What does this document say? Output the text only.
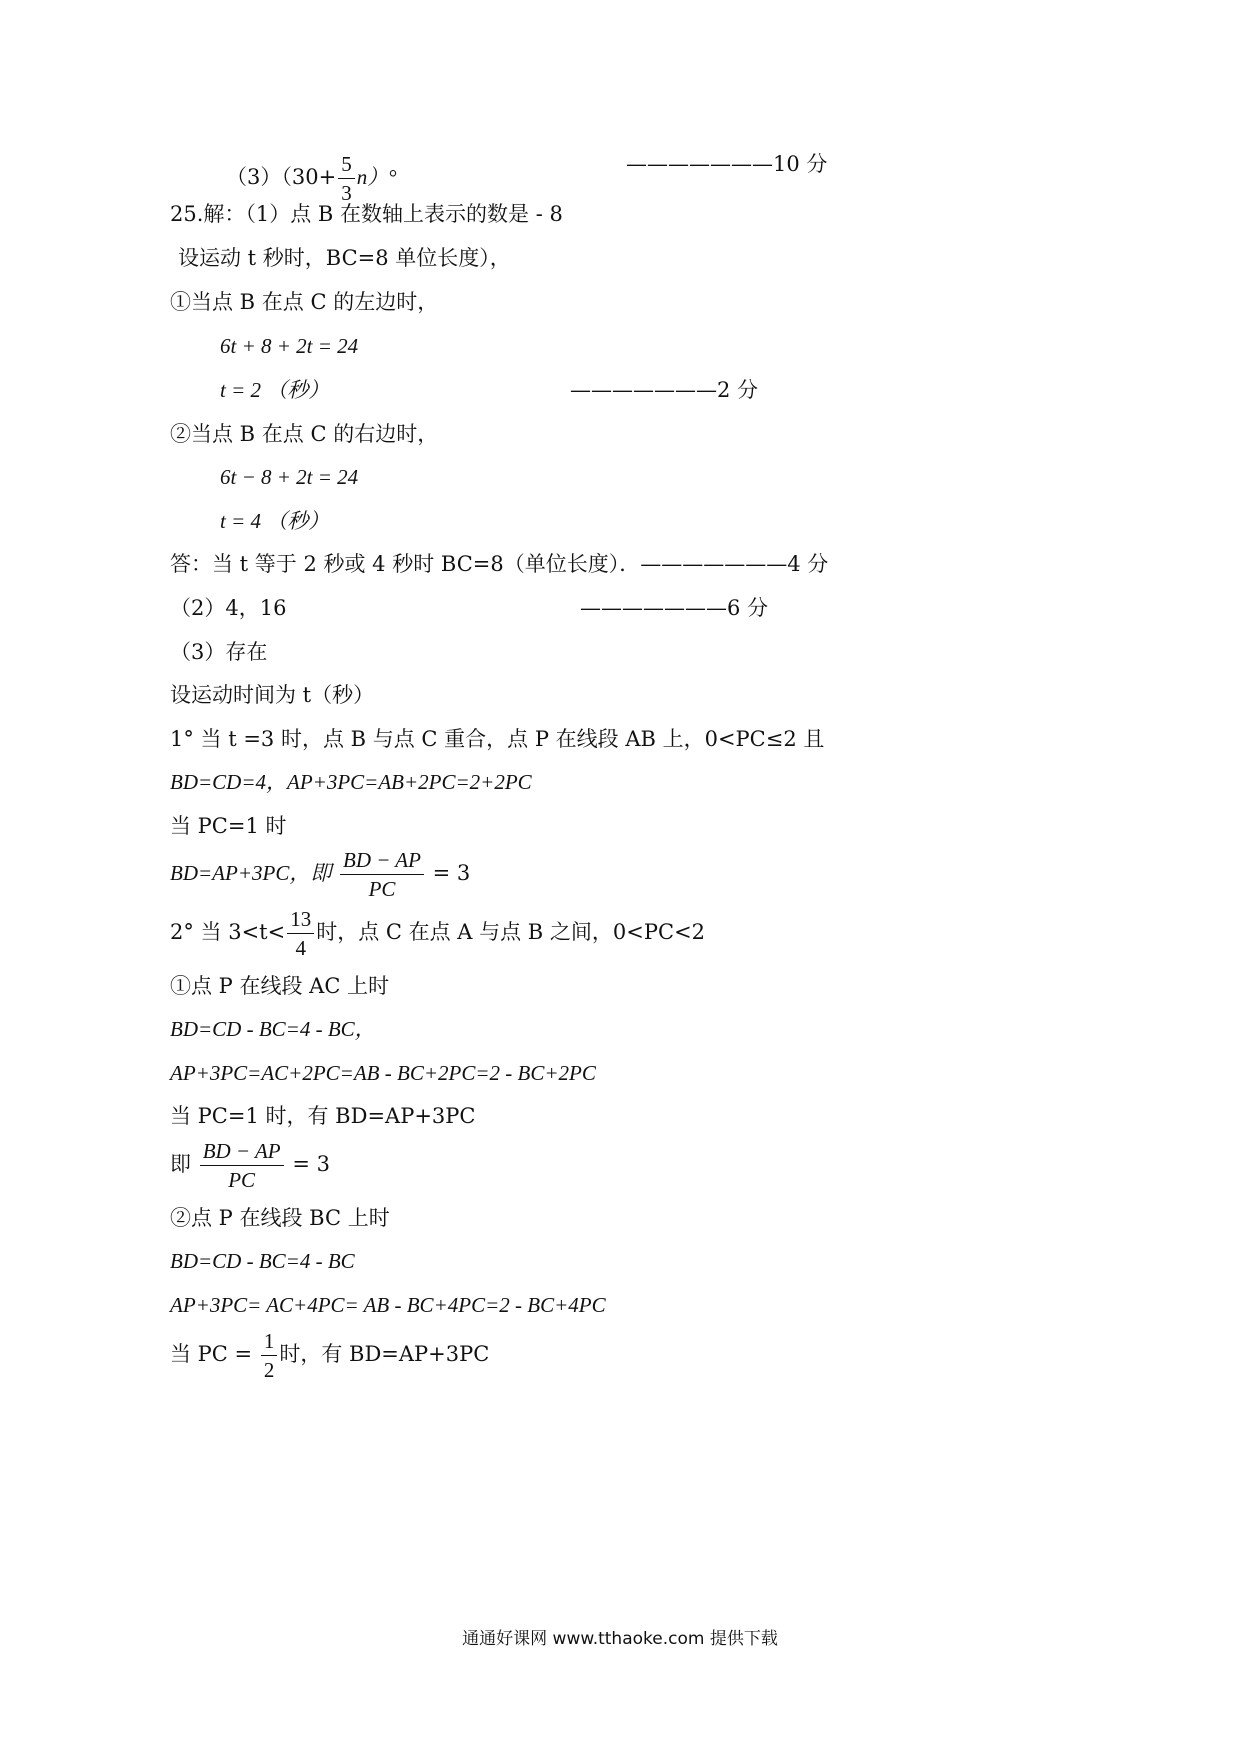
$(3)(30+ \frac{5}{3} n)^\circ$
———————10 分
25.解：（1）点 B 在数轴上表示的数是 ‑ 8
设运动 t 秒时，BC=8 单位长度），
①当点 B 在点 C 的左边时，
6t + 8 + 2t = 24
t = 2 （秒）	———————2 分
②当点 B 在点 C 的右边时，
6t − 8 + 2t = 24
t = 4 （秒）
答：当 t 等于 2 秒或 4 秒时 BC=8（单位长度）．———————4 分
（2）4，16	———————6 分
（3）存在
设运动时间为 t（秒）
1° 当 t =3 时，点 B 与点 C 重合，点 P 在线段 AB 上，0<PC≤2 且
BD=CD=4，AP+3PC=AB+2PC=2+2PC
当 PC=1 时
BD=AP+3PC，即 $\frac{BD - AP}{PC} = 3$
2° 当 $3<t< \frac{13}{4}$ 时，点 C 在点 A 与点 B 之间，0<PC<2
①点 P 在线段 AC 上时
BD=CD ‑ BC=4 ‑ BC，
AP+3PC=AC+2PC=AB ‑ BC+2PC=2 ‑ BC+2PC
当 PC=1 时，有 BD=AP+3PC
即 $\frac{BD - AP}{PC} = 3$
②点 P 在线段 BC 上时
BD=CD ‑ BC=4 ‑ BC
AP+3PC= AC+4PC= AB ‑ BC+4PC=2 ‑ BC+4PC
当 PC = $\frac{1}{2}$ 时，有 BD=AP+3PC
通通好课网 www.tthaoke.com 提供下载
